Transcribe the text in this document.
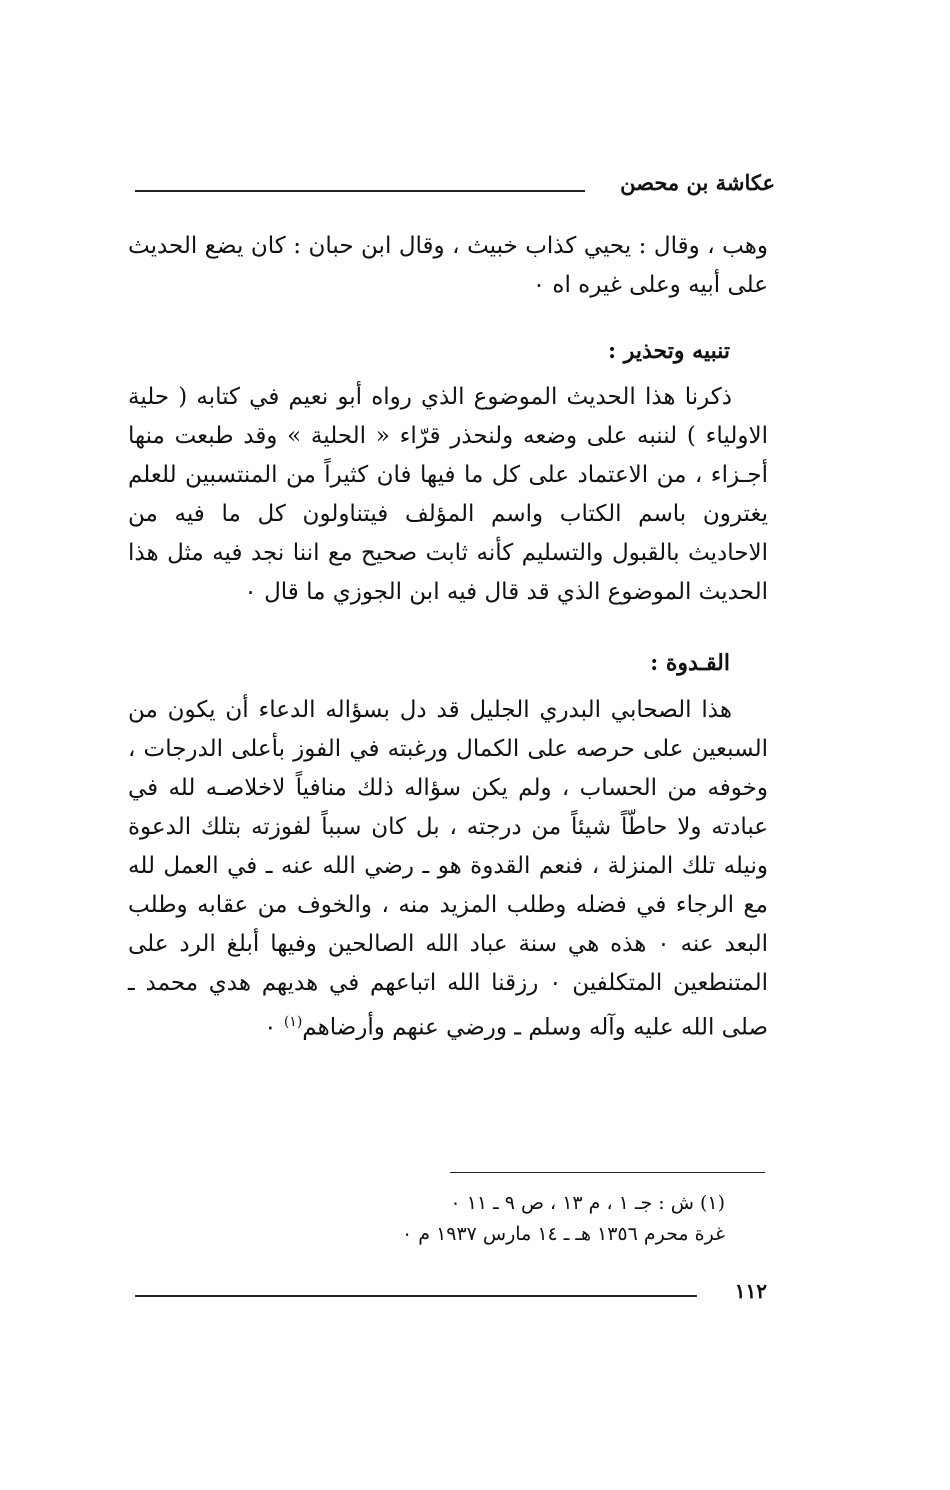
عكاشة بن محصن

وهب ، وقال : يحيي كذاب خبيث ، وقال ابن حبان : كان يضع الحديث على أبيه وعلى غيره اه ٠

تنبيه وتحذير :

ذكرنا هذا الحديث الموضوع الذي رواه أبو نعيم في كتابه ( حلية الاولياء ) لننبه على وضعه ولنحذر قرّاء « الحلية » وقد طبعت منها أجـزاء ، من الاعتماد على كل ما فيها فان كثيراً من المنتسبين للعلم يغترون باسم الكتاب واسم المؤلف فيتناولون كل ما فيه من الاحاديث بالقبول والتسليم كأنه ثابت صحيح مع اننا نجد فيه مثل هذا الحديث الموضوع الذي قد قال فيه ابن الجوزي ما قال ٠

القـدوة :

هذا الصحابي البدري الجليل قد دل بسؤاله الدعاء أن يكون من السبعين على حرصه على الكمال ورغبته في الفوز بأعلى الدرجات ، وخوفه من الحساب ، ولم يكن سؤاله ذلك منافياً لاخلاصـه لله في عبادته ولا حاطّاً شيئاً من درجته ، بل كان سبباً لفوزته بتلك الدعوة ونيله تلك المنزلة ، فنعم القدوة هو ـ رضي الله عنه ـ في العمل لله مع الرجاء في فضله وطلب المزيد منه ، والخوف من عقابه وطلب البعد عنه ٠ هذه هي سنة عباد الله الصالحين وفيها أبلغ الرد على المتنطعين المتكلفين ٠ رزقنا الله اتباعهم في هديهم هدي محمد ـ صلى الله عليه وآله وسلم ـ ورضي عنهم وأرضاهم$^{(١)}$ ٠

(١) ش : جـ ١ ، م ١٣ ، ص ٩ ـ ١١ ٠

غرة محرم ١٣٥٦ هـ ـ ١٤ مارس ١٩٣٧ م ٠

١١٢
